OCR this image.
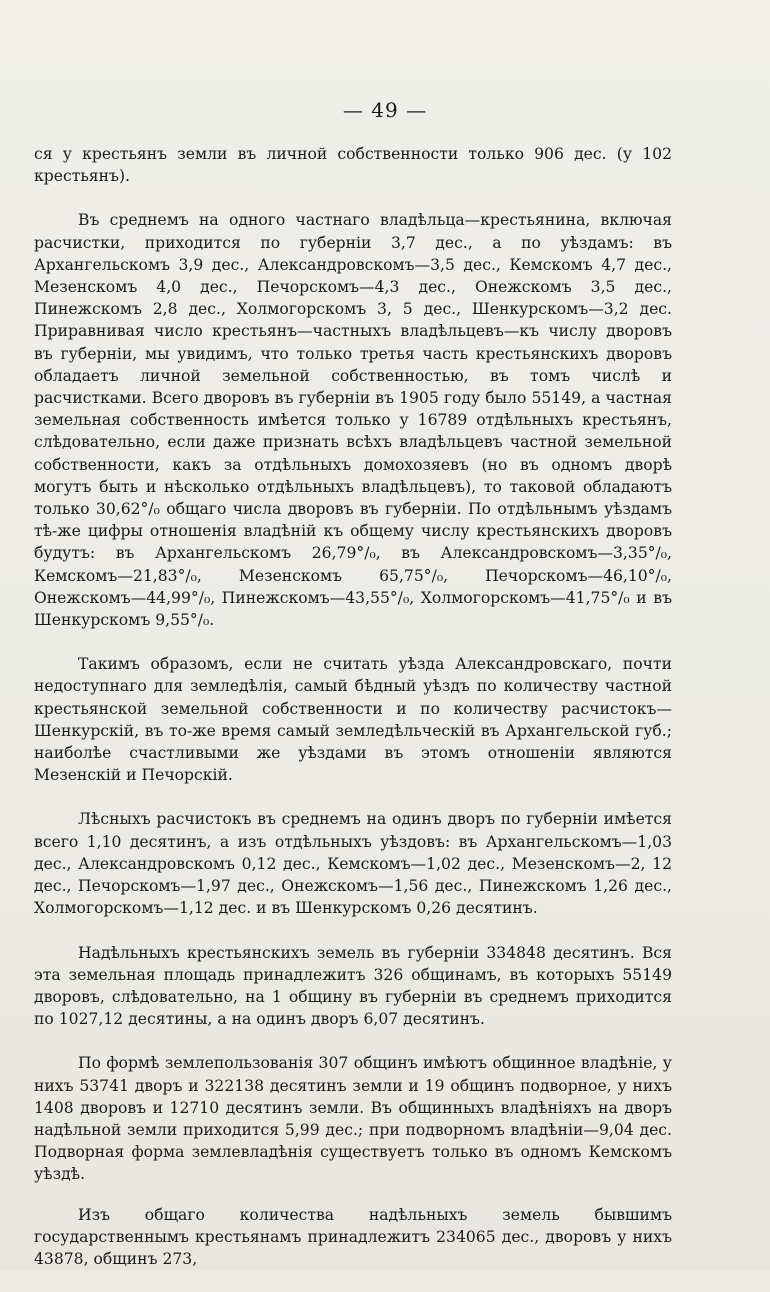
— 49 —

ся у крестьянъ земли въ личной собственности только 906 дес. (у 102 крестьянъ).

Въ среднемъ на одного частнаго владѣльца—крестьянина, включая расчистки, приходится по губерніи 3,7 дес., а по уѣздамъ: въ Архангельскомъ 3,9 дес., Александровскомъ—3,5 дес., Кемскомъ 4,7 дес., Мезенскомъ 4,0 дес., Печорскомъ—4,3 дес., Онежскомъ 3,5 дес., Пинежскомъ 2,8 дес., Холмогорскомъ 3, 5 дес., Шенкурскомъ—3,2 дес. Приравнивая число крестьянъ—частныхъ владѣльцевъ—къ числу дворовъ въ губерніи, мы увидимъ, что только третья часть крестьянскихъ дворовъ обладаетъ личной земельной собственностью, въ томъ числѣ и расчистками. Всего дворовъ въ губерніи въ 1905 году было 55149, а частная земельная собственность имѣется только у 16789 отдѣльныхъ крестьянъ, слѣдовательно, если даже признать всѣхъ владѣльцевъ частной земельной собственности, какъ за отдѣльныхъ домохозяевъ (но въ одномъ дворѣ могутъ быть и нѣсколько отдѣльныхъ владѣльцевъ), то таковой обладаютъ только 30,62°/₀ общаго числа дворовъ въ губерніи. По отдѣльнымъ уѣздамъ тѣ-же цифры отношенія владѣній къ общему числу крестьянскихъ дворовъ будутъ: въ Архангельскомъ 26,79°/₀, въ Александровскомъ—3,35°/₀, Кемскомъ—21,83°/₀, Мезенскомъ 65,75°/₀, Печорскомъ—46,10°/₀, Онежскомъ—44,99°/₀, Пинежскомъ—43,55°/₀, Холмогорскомъ—41,75°/₀ и въ Шенкурскомъ 9,55°/₀.

Такимъ образомъ, если не считать уѣзда Александровскаго, почти недоступнаго для земледѣлія, самый бѣдный уѣздъ по количеству частной крестьянской земельной собственности и по количеству расчистокъ—Шенкурскій, въ то-же время самый земледѣльческій въ Архангельской губ.; наиболѣе счастливыми же уѣздами въ этомъ отношеніи являются Мезенскій и Печорскій.

Лѣсныхъ расчистокъ въ среднемъ на одинъ дворъ по губерніи имѣется всего 1,10 десятинъ, а изъ отдѣльныхъ уѣздовъ: въ Архангельскомъ—1,03 дес., Александровскомъ 0,12 дес., Кемскомъ—1,02 дес., Мезенскомъ—2, 12 дес., Печорскомъ—1,97 дес., Онежскомъ—1,56 дес., Пинежскомъ 1,26 дес., Холмогорскомъ—1,12 дес. и въ Шенкурскомъ 0,26 десятинъ.

Надѣльныхъ крестьянскихъ земель въ губерніи 334848 десятинъ. Вся эта земельная площадь принадлежитъ 326 общинамъ, въ которыхъ 55149 дворовъ, слѣдовательно, на 1 общину въ губерніи въ среднемъ приходится по 1027,12 десятины, а на одинъ дворъ 6,07 десятинъ.

По формѣ землепользованія 307 общинъ имѣютъ общинное владѣніе, у нихъ 53741 дворъ и 322138 десятинъ земли и 19 общинъ подворное, у нихъ 1408 дворовъ и 12710 десятинъ земли. Въ общинныхъ владѣніяхъ на дворъ надѣльной земли приходится 5,99 дес.; при подворномъ владѣніи—9,04 дес. Подворная форма землевладѣнія существуетъ только въ одномъ Кемскомъ уѣздѣ.

Изъ общаго количества надѣльныхъ земель бывшимъ государственнымъ крестьянамъ принадлежитъ 234065 дес., дворовъ у нихъ 43878, общинъ 273,
